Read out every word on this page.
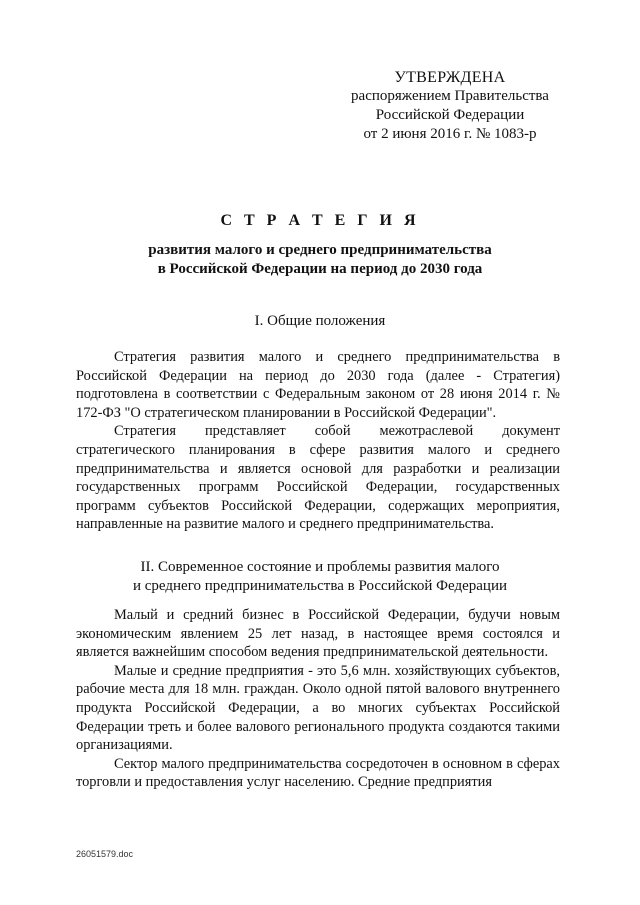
УТВЕРЖДЕНА
распоряжением Правительства
Российской Федерации
от 2 июня 2016 г. № 1083-р
С Т Р А Т Е Г И Я
развития малого и среднего предпринимательства
в Российской Федерации на период до 2030 года
I. Общие положения

Стратегия развития малого и среднего предпринимательства в Российской Федерации на период до 2030 года (далее - Стратегия) подготовлена в соответствии с Федеральным законом от 28 июня 2014 г. № 172-ФЗ "О стратегическом планировании в Российской Федерации".

Стратегия представляет собой межотраслевой документ стратегического планирования в сфере развития малого и среднего предпринимательства и является основой для разработки и реализации государственных программ Российской Федерации, государственных программ субъектов Российской Федерации, содержащих мероприятия, направленные на развитие малого и среднего предпринимательства.

II. Современное состояние и проблемы развития малого
и среднего предпринимательства в Российской Федерации

Малый и средний бизнес в Российской Федерации, будучи новым экономическим явлением 25 лет назад, в настоящее время состоялся и является важнейшим способом ведения предпринимательской деятельности.

Малые и средние предприятия - это 5,6 млн. хозяйствующих субъектов, рабочие места для 18 млн. граждан. Около одной пятой валового внутреннего продукта Российской Федерации, а во многих субъектах Российской Федерации треть и более валового регионального продукта создаются такими организациями.

Сектор малого предпринимательства сосредоточен в основном в сферах торговли и предоставления услуг населению. Средние предприятия

26051579.doc
